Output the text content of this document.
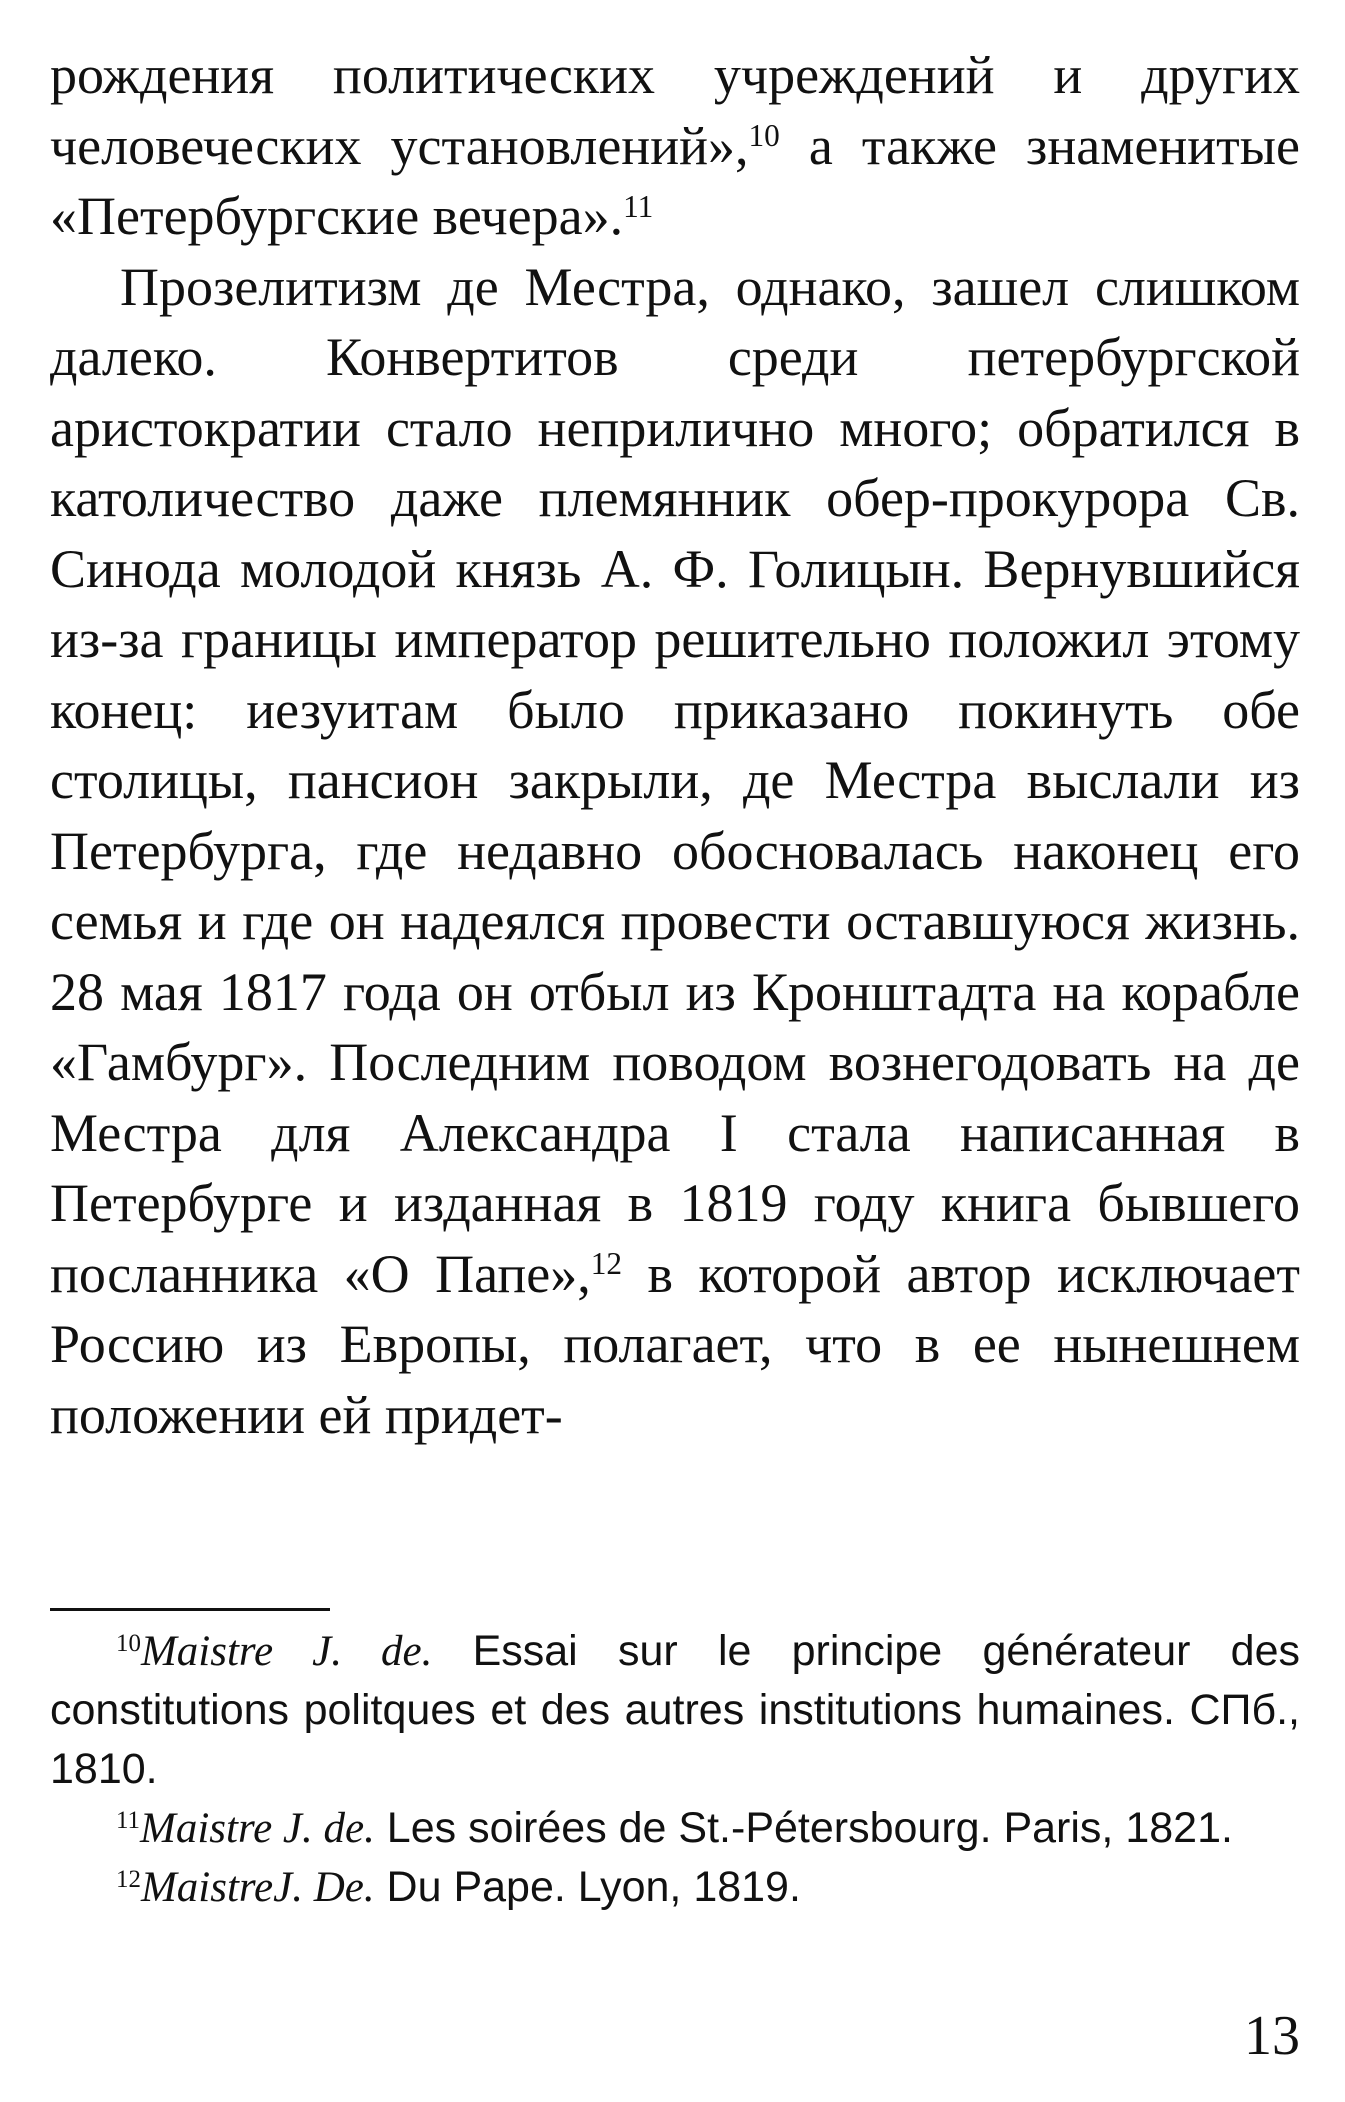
рождения политических учреждений и других человеческих установлений»,$^{10}$ а также знаменитые «Петербургские вечера».$^{11}$

Прозелитизм де Местра, однако, зашел слишком далеко. Конвертитов среди петербургской аристократии стало неприлично много; обратился в католичество даже племянник обер-прокурора Св. Синода молодой князь А. Ф. Голицын. Вернувшийся из-за границы император решительно положил этому конец: иезуитам было приказано покинуть обе столицы, пансион закрыли, де Местра выслали из Петербурга, где недавно обосновалась наконец его семья и где он надеялся провести оставшуюся жизнь. 28 мая 1817 года он отбыл из Кронштадта на корабле «Гамбург». Последним поводом вознегодовать на де Местра для Александра I стала написанная в Петербурге и изданная в 1819 году книга бывшего посланника «О Папе»,$^{12}$ в которой автор исключает Россию из Европы, полагает, что в ее нынешнем положении ей придет-

$^{10}$Maistre J. de. Essai sur le principe générateur des constitutions politques et des autres institutions humaines. СПб., 1810.

$^{11}$Maistre J. de. Les soirées de St.-Pétersbourg. Paris, 1821.

$^{12}$MaistreJ. De. Du Pape. Lyon, 1819.

13
